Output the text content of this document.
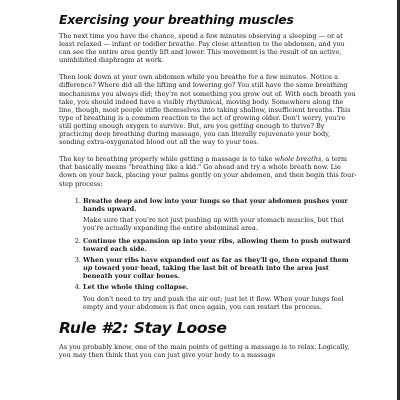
Exercising your breathing muscles

The next time you have the chance, spend a few minutes observing a sleeping — or at least relaxed — infant or toddler breathe. Pay close attention to the abdomen, and you can see the entire area gently lift and lower. This movement is the result of an active, uninhibited diaphragm at work.

Then look down at your own abdomen while you breathe for a few minutes. Notice a difference? Where did all the lifting and lowering go? You still have the same breathing mechanisms you always did; they're not something you grow out of. With each breath you take, you should indeed have a visibly rhythmical, moving body. Somewhere along the line, though, most people stifle themselves into taking shallow, insufficient breaths. This type of breathing is a common reaction to the act of growing older. Don't worry, you're still getting enough oxygen to survive. But, are you getting enough to thrive? By practicing deep breathing during massage, you can literally rejuvenate your body, sending extra-oxygenated blood out all the way to your toes.

The key to breathing properly while getting a massage is to take whole breaths, a term that basically means "breathing like a kid." Go ahead and try a whole breath now. Lie down on your back, placing your palms gently on your abdomen, and then begin this four-step process:

1. Breathe deep and low into your lungs so that your abdomen pushes your hands upward.

Make sure that you're not just pushing up with your stomach muscles, but that you're actually expanding the entire abdominal area.

2. Continue the expansion up into your ribs, allowing them to push outward toward each side.
3. When your ribs have expanded out as far as they'll go, then expand them up toward your head, taking the last bit of breath into the area just beneath your collar bones.
4. Let the whole thing collapse.

You don't need to try and push the air out; just let it flow. When your lungs feel empty and your abdomen is flat once again, you can restart the process.

Rule #2: Stay Loose

As you probably know, one of the main points of getting a massage is to relax. Logically, you may then think that you can just give your body to a massage
